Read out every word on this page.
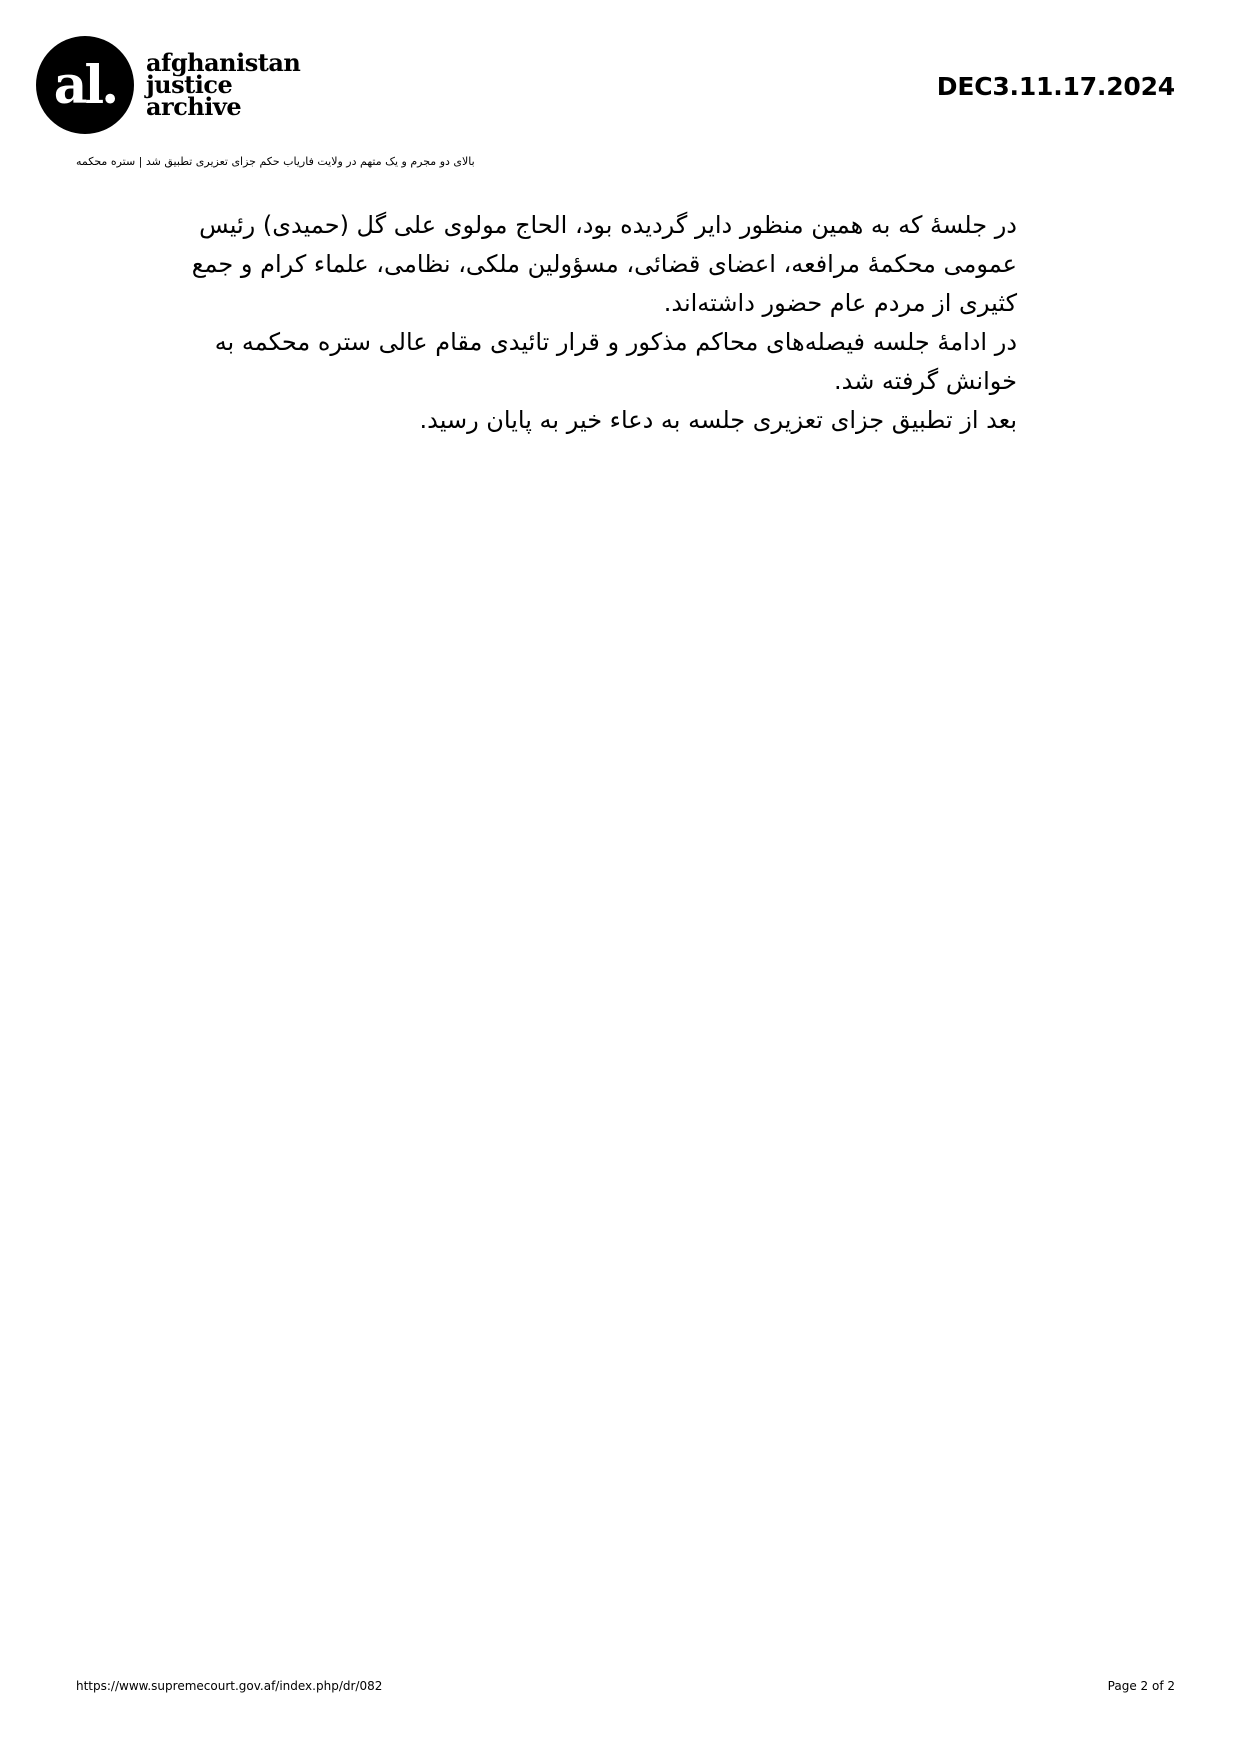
al.	afghanistan
justice
archive
DEC3.11.17.2024
بالای دو مجرم و یک متهم در ولایت فاریاب حکم جزای تعزیری تطبیق شد | ستره محکمه

در جلسۀ که به همین منظور دایر گردیده بود، الحاج مولوی علی گل (حمیدی) رئیس عمومی محکمۀ مرافعه، اعضای قضائی، مسؤولین ملکی، نظامی، علماء کرام و جمع کثیری از مردم عام حضور داشته‌اند.

در ادامۀ جلسه فیصله‌های محاکم مذکور و قرار تائیدی مقام عالی ستره محکمه به خوانش گرفته شد.

بعد از تطبیق جزای تعزیری جلسه به دعاء خیر به پایان رسید.

https://www.supremecourt.gov.af/index.php/dr/082	Page 2 of 2
